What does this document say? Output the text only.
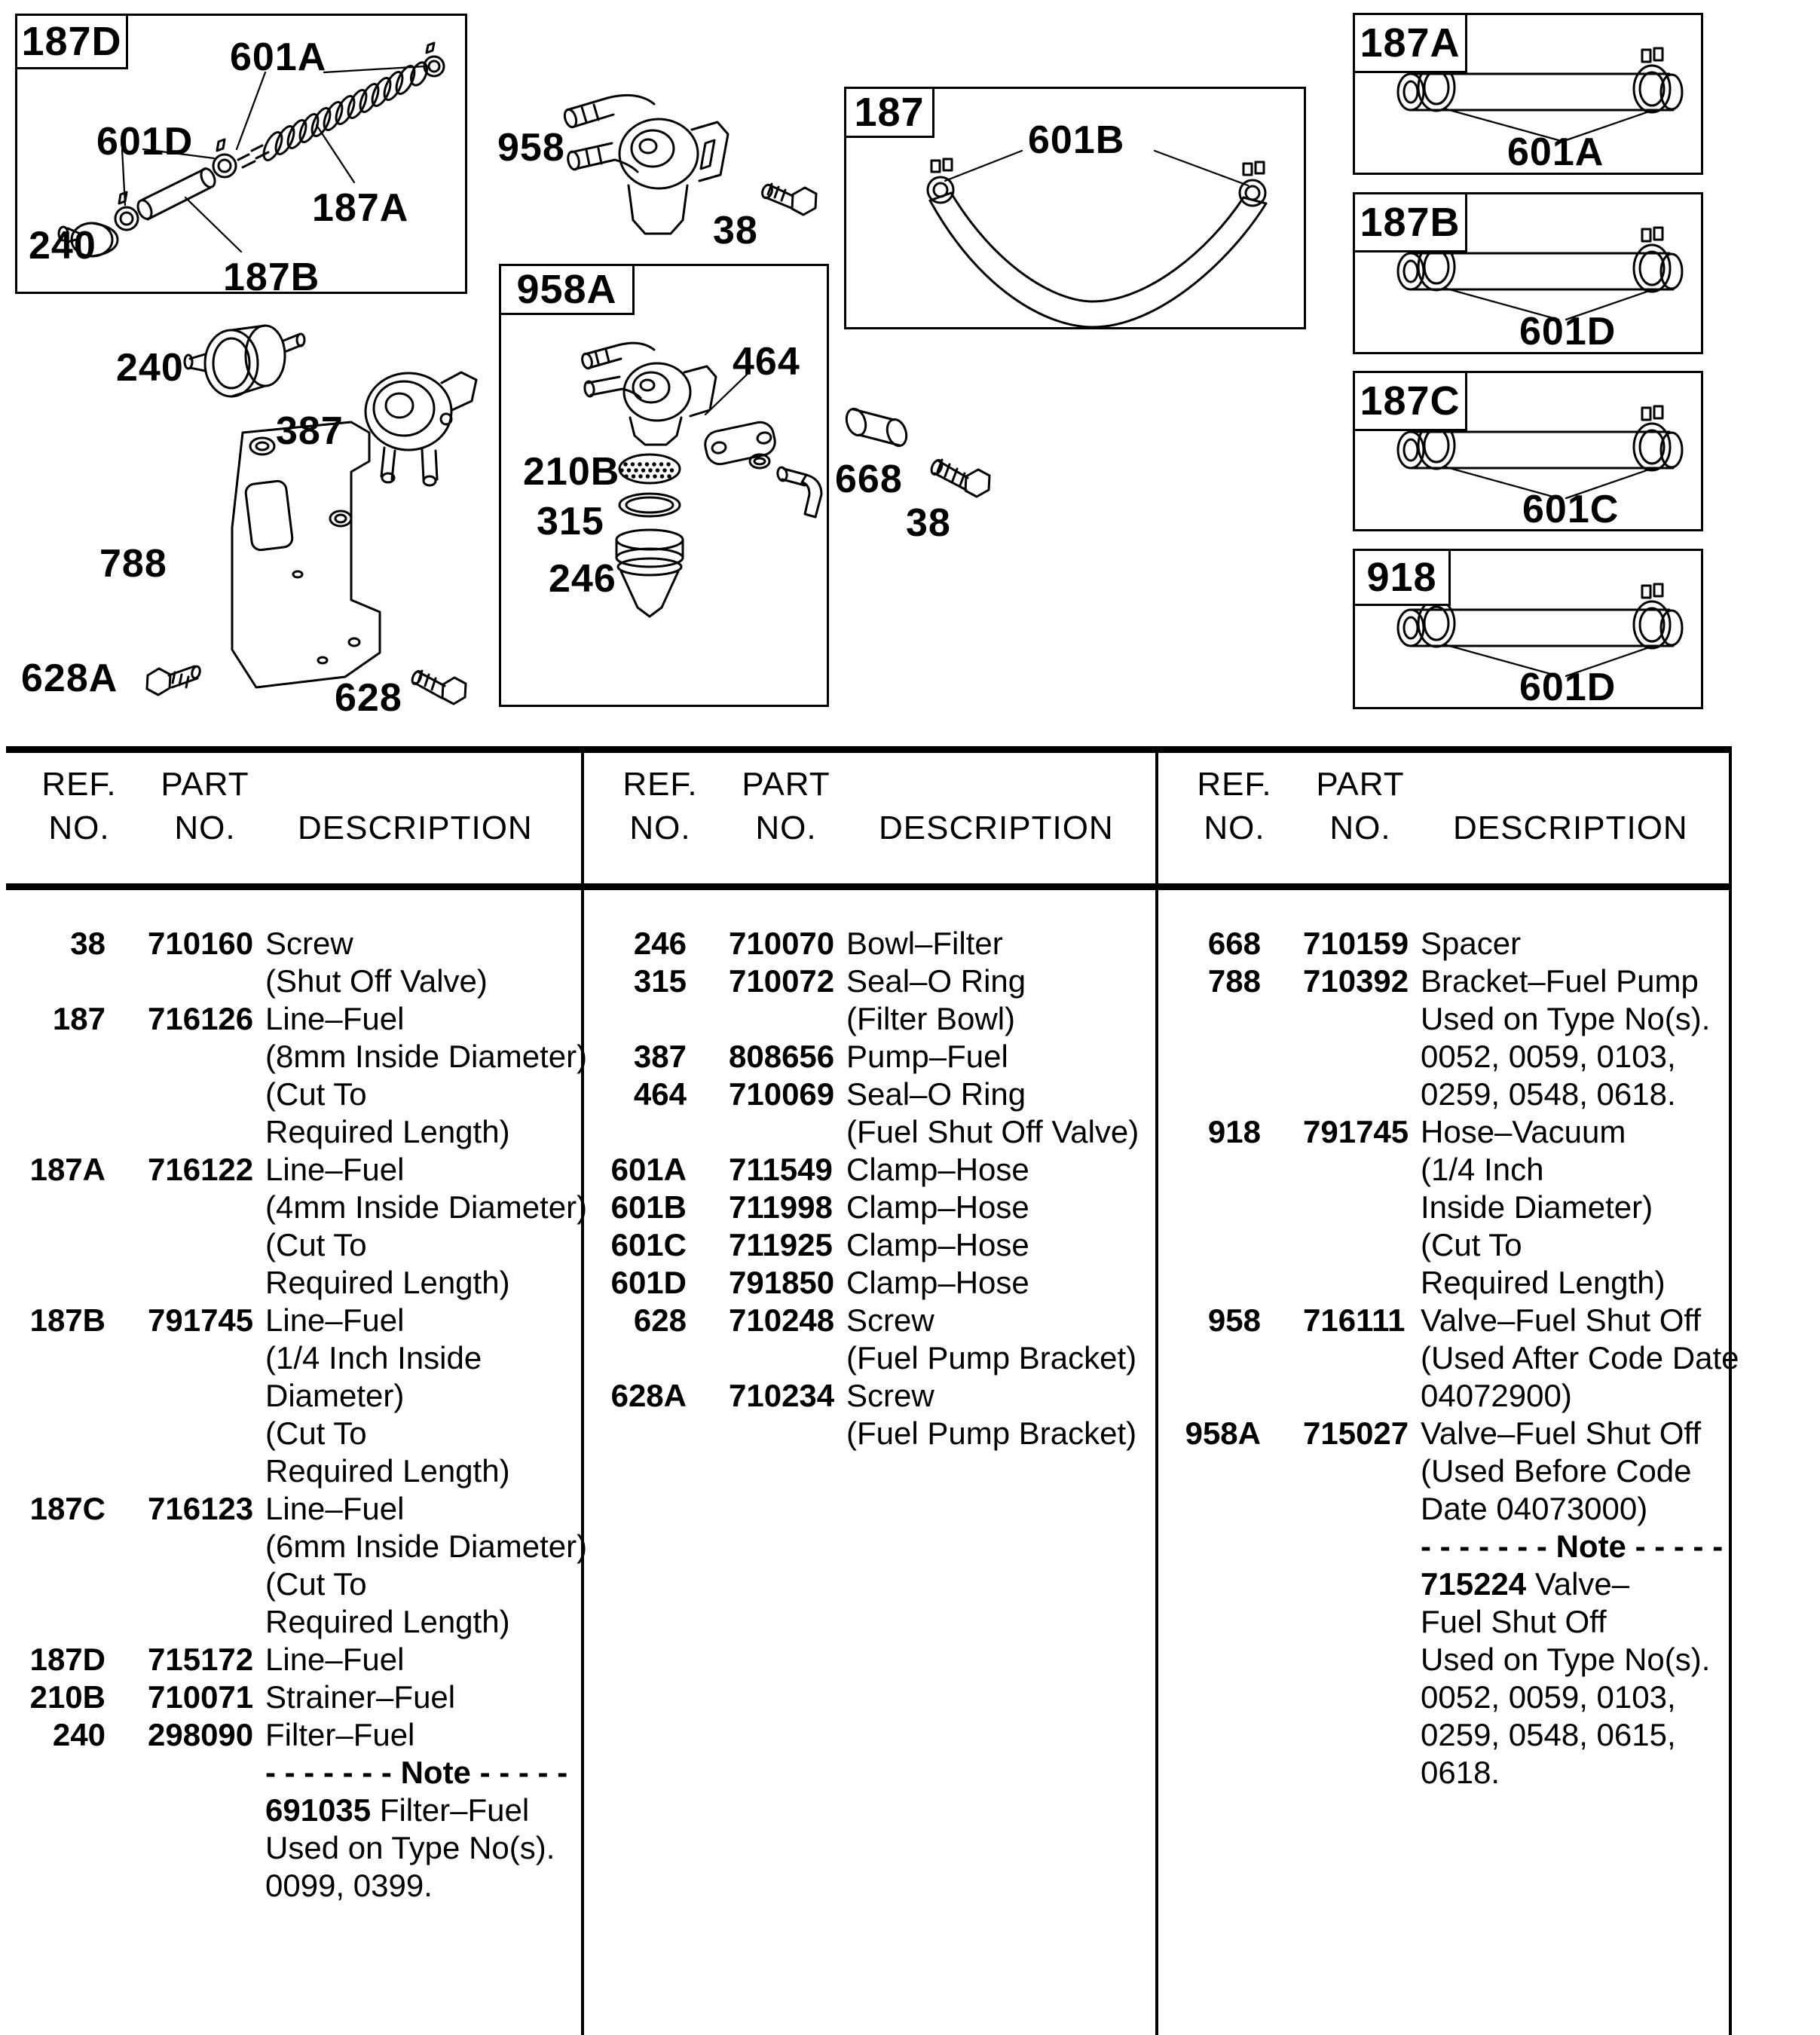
187D
958A
187
187A
187B
187C
918
601A
601D
240
187A
187B
958
38
464
210B
315
246
668
38
240
387
788
628A	628
601B	601A
601D
601C
601D
REF.
NO.
PART
NO.	DESCRIPTION
REF.
NO.
PART
NO.	DESCRIPTION
REF.
NO.
PART
NO.	DESCRIPTION
38 710160 Screw
(Shut Off Valve)
187 716126 Line–Fuel
(8mm Inside Diameter)
(Cut To
Required Length)
187A 716122 Line–Fuel
(4mm Inside Diameter)
(Cut To
Required Length)
187B 791745 Line–Fuel
(1/4 Inch Inside
Diameter)
(Cut To
Required Length)
187C 716123 Line–Fuel
(6mm Inside Diameter)
(Cut To
Required Length)
187D 715172 Line–Fuel
210B 710071 Strainer–Fuel
240 298090 Filter–Fuel
- - - - - - - Note - - - - -
691035 Filter–Fuel
Used on Type No(s).
0099, 0399.
246 710070 Bowl–Filter
315 710072 Seal–O Ring
(Filter Bowl)
387 808656 Pump–Fuel
464 710069 Seal–O Ring
(Fuel Shut Off Valve)
601A 711549 Clamp–Hose
601B 711998 Clamp–Hose
601C 711925 Clamp–Hose
601D 791850 Clamp–Hose
628 710248 Screw
(Fuel Pump Bracket)
628A 710234 Screw
(Fuel Pump Bracket)
668 710159 Spacer
788 710392 Bracket–Fuel Pump
Used on Type No(s).
0052, 0059, 0103,
0259, 0548, 0618.
918 791745 Hose–Vacuum
(1/4 Inch
Inside Diameter)
(Cut To
Required Length)
958 716111 Valve–Fuel Shut Off
(Used After Code Date
04072900)
958A 715027 Valve–Fuel Shut Off
(Used Before Code
Date 04073000)
- - - - - - - Note - - - - -
715224 Valve–
Fuel Shut Off
Used on Type No(s).
0052, 0059, 0103,
0259, 0548, 0615,
0618.
